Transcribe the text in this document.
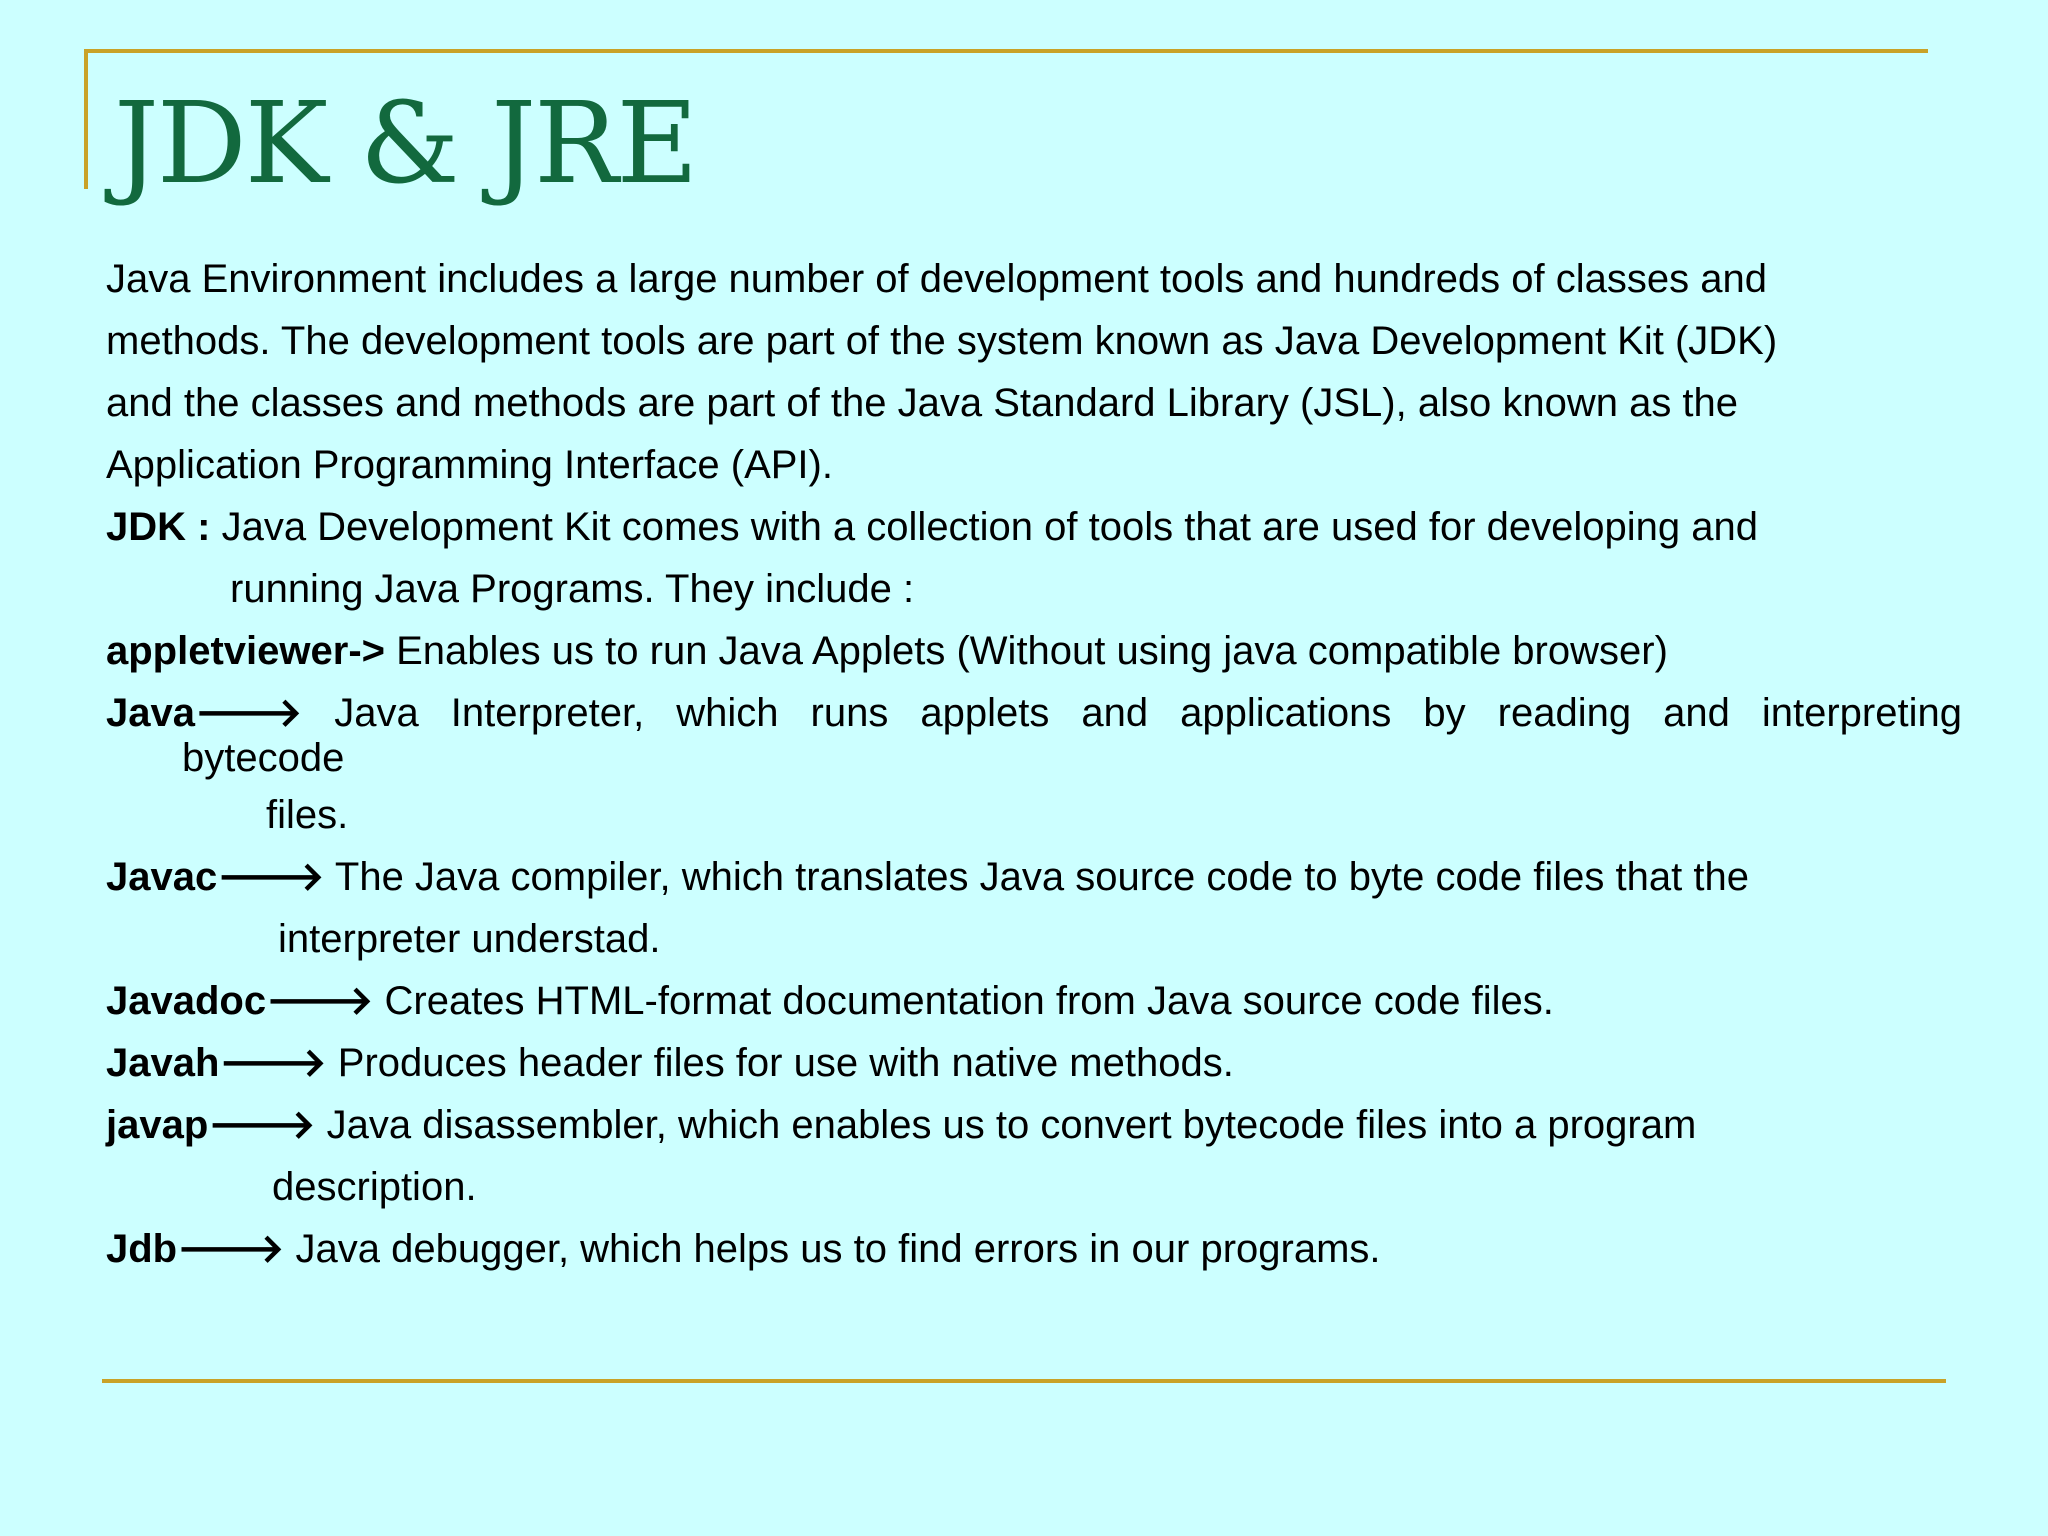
JDK & JRE

Java Environment includes a large number of development tools and hundreds of classes and

methods. The development tools are part of the system known as Java Development Kit (JDK)

and the classes and methods are part of the Java Standard Library (JSL), also known as the

Application Programming Interface (API).

JDK : Java Development Kit comes with a collection of tools that are used for developing and

running Java Programs. They include :

appletviewer-> Enables us to run Java Applets (Without using java compatible browser)

Java🡒 Java Interpreter, which runs applets and applications by reading and interpreting

bytecode

files.

Javac🡒 The Java compiler, which translates Java source code to byte code files that the

interpreter understad.

Javadoc🡒 Creates HTML-format documentation from Java source code files.

Javah🡒 Produces header files for use with native methods.

javap🡒 Java disassembler, which enables us to convert bytecode files into a program

description.

Jdb🡒 Java debugger, which helps us to find errors in our programs.
